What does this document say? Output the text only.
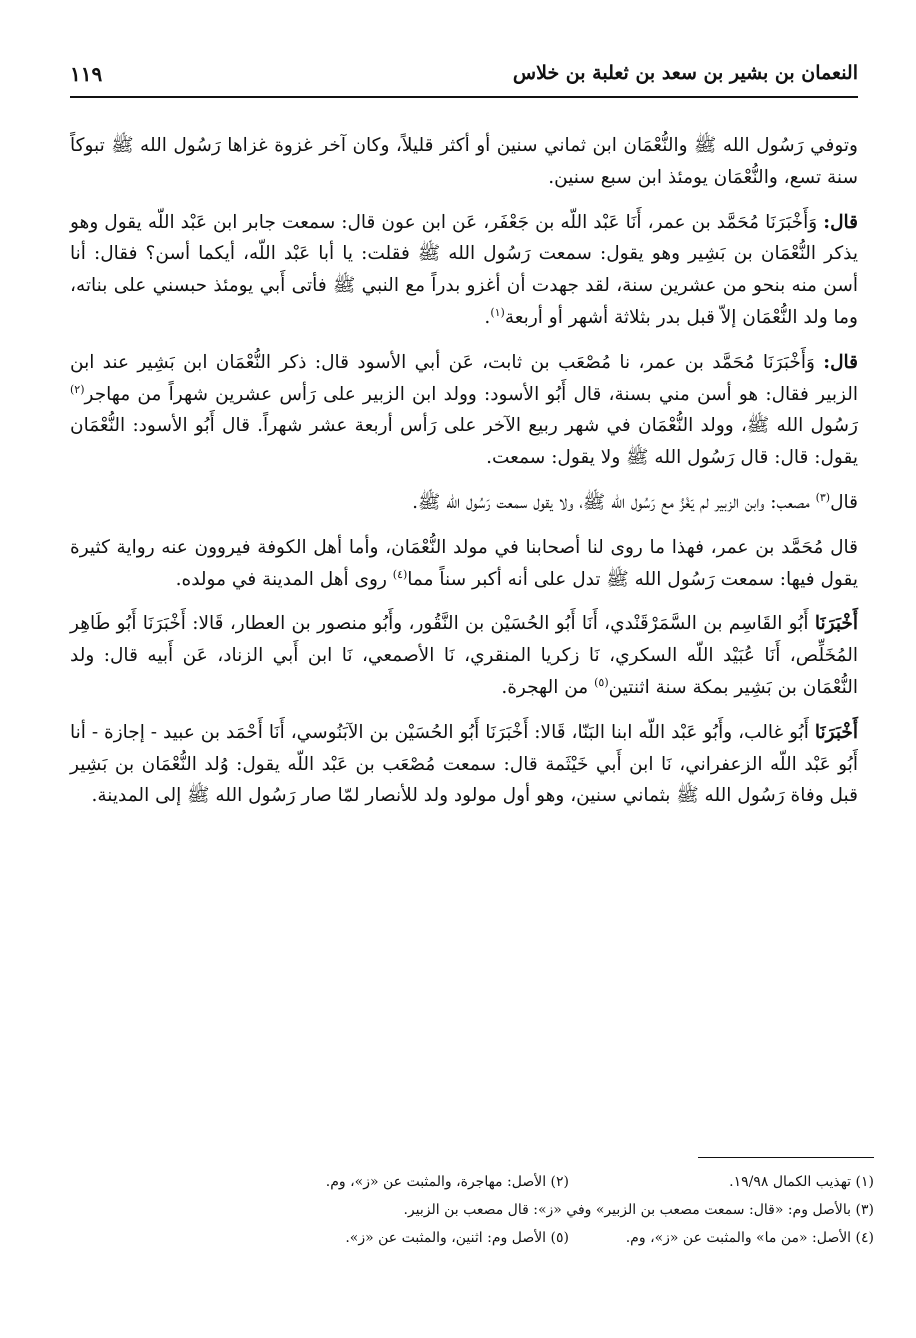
النعمان بن بشير بن سعد بن ثعلبة بن خلاس
١١٩

وتوفي رَسُول الله ﷺ والنُّعْمَان ابن ثماني سنين أو أكثر قليلاً، وكان آخر غزوة غزاها رَسُول الله ﷺ تبوكاً سنة تسع، والنُّعْمَان يومئذ ابن سبع سنين.

قال: وَأَخْبَرَنَا مُحَمَّد بن عمر، أَنَا عَبْد اللّه بن جَعْفَر، عَن ابن عون قال: سمعت جابر ابن عَبْد اللّه يقول وهو يذكر النُّعْمَان بن بَشِير وهو يقول: سمعت رَسُول الله ﷺ فقلت: يا أبا عَبْد اللّه، أيكما أسن؟ فقال: أنا أسن منه بنحو من عشرين سنة، لقد جهدت أن أغزو بدراً مع النبي ﷺ فأتى أَبي يومئذ حبسني على بناته، وما ولد النُّعْمَان إلاّ قبل بدر بثلاثة أشهر أو أربعة$^{(١)}$.

قال: وَأَخْبَرَنَا مُحَمَّد بن عمر، نا مُصْعَب بن ثابت، عَن أبي الأسود قال: ذكر النُّعْمَان ابن بَشِير عند ابن الزبير فقال: هو أسن مني بسنة، قال أَبُو الأسود: وولد ابن الزبير على رَأس عشرين شهراً من مهاجر$^{(٢)}$ رَسُول الله ﷺ، وولد النُّعْمَان في شهر ربيع الآخر على رَأس أربعة عشر شهراً. قال أَبُو الأسود: النُّعْمَان يقول: قال: قال رَسُول الله ﷺ ولا يقول: سمعت.

قال$^{(٣)}$ مصعب: وابن الزبير لم يَغْزُ مع رَسُول الله ﷺ، ولا يقول سمعت رَسُول الله ﷺ.

قال مُحَمَّد بن عمر، فهذا ما روى لنا أصحابنا في مولد النُّعْمَان، وأما أهل الكوفة فيروون عنه رواية كثيرة يقول فيها: سمعت رَسُول الله ﷺ تدل على أنه أكبر سناً مما$^{(٤)}$ روى أهل المدينة في مولده.

أَخْبَرَنَا أَبُو القَاسِم بن السَّمَرْقَنْدي، أَنَا أَبُو الحُسَيْن بن النَّقُور، وأَبُو منصور بن العطار، قَالا: أَخْبَرَنَا أَبُو طَاهِر المُخَلِّص، أَنَا عُبَيْد اللّه السكري، نَا زكريا المنقري، نَا الأصمعي، نَا ابن أَبي الزناد، عَن أَبيه قال: ولد النُّعْمَان بن بَشِير بمكة سنة اثنتين$^{(٥)}$ من الهجرة.

أَخْبَرَنَا أَبُو غالب، وأَبُو عَبْد اللّه ابنا البَنّا، قَالا: أَخْبَرَنَا أَبُو الحُسَيْن بن الآبَنُوسي، أَنَا أَحْمَد بن عبيد - إجازة - أنا أَبُو عَبْد اللّه الزعفراني، نَا ابن أَبي خَيْثَمة قال: سمعت مُصْعَب بن عَبْد اللّه يقول: وُلد النُّعْمَان بن بَشِير قبل وفاة رَسُول الله ﷺ بثماني سنين، وهو أول مولود ولد للأنصار لمّا صار رَسُول الله ﷺ إلى المدينة.

(١) تهذيب الكمال ١٩/٩٨.
(٢) الأصل: مهاجرة، والمثبت عن «ز»، وم.
(٣) بالأصل وم: «قال: سمعت مصعب بن الزبير» وفي «ز»: قال مصعب بن الزبير.
(٤) الأصل: «من ما» والمثبت عن «ز»، وم.
(٥) الأصل وم: اثنين، والمثبت عن «ز».
